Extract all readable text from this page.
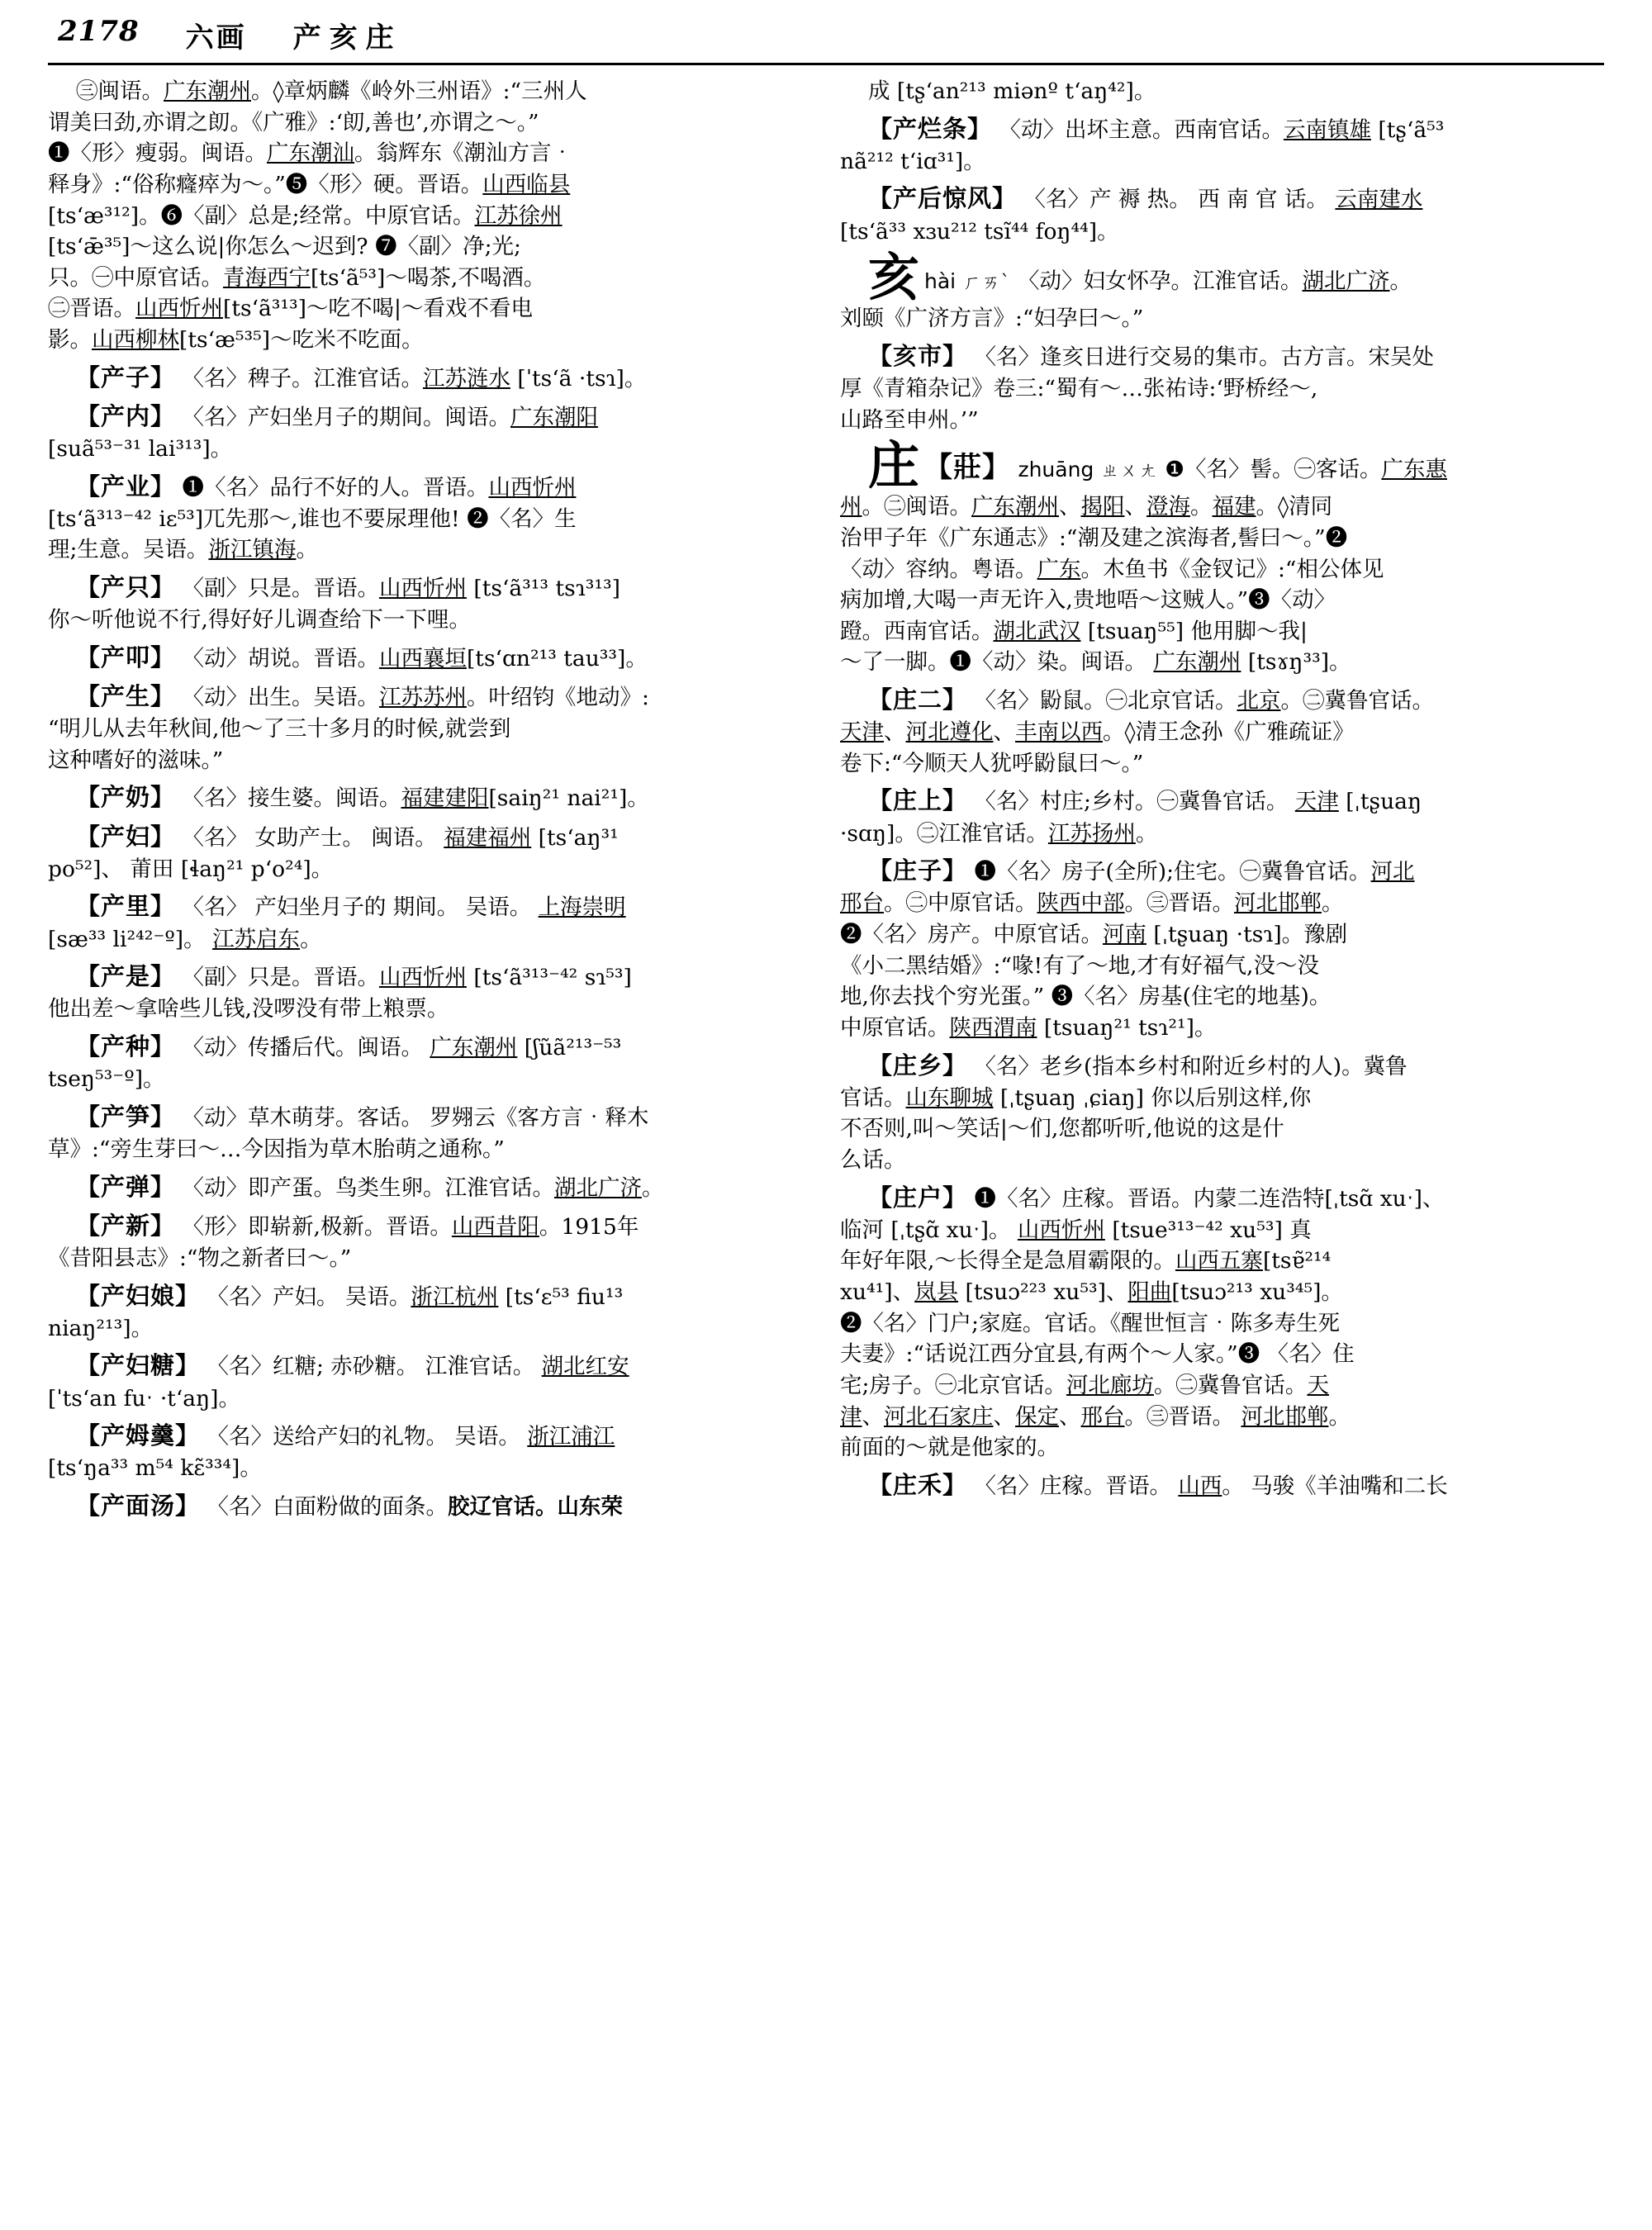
2178 六画 产亥庄

㊂闽语。广东潮州。◊章炳麟《岭外三州语》:“三州人

谓美曰劲,亦谓之㓪。《广雅》:‘㓪,善也’,亦谓之～。”

❶〈形〉瘦弱。闽语。广东潮汕。翁辉东《潮汕方言‧

释身》:“俗称癃瘁为～。”❺〈形〉硬。晋语。山西临县

[tsʻæ³¹²]。❻〈副〉总是;经常。中原官话。江苏徐州

[tsʻǣ³⁵]～这么说|你怎么～迟到? ❼〈副〉净;光;

只。㊀中原官话。青海西宁[tsʻã⁵³]～喝茶,不喝酒。

㊁晋语。山西忻州[tsʻã³¹³]～吃不喝|～看戏不看电

影。山西柳林[tsʻæ⁵³⁵]～吃米不吃面。

【产子】 〈名〉稗子。江淮官话。江苏涟水 [ˈtsʻã ·tsɿ]。

【产内】 〈名〉产妇坐月子的期间。闽语。广东潮阳

[suã⁵³⁻³¹ lai³¹³]。

【产业】 ❶〈名〉品行不好的人。晋语。山西忻州

[tsʻã³¹³⁻⁴² iɛ⁵³]兀先那～,谁也不要尿理他! ❷〈名〉生

理;生意。吴语。浙江镇海。

【产只】 〈副〉只是。晋语。山西忻州 [tsʻã³¹³ tsɿ³¹³]

你～听他说不行,得好好儿调查给下一下哩。

【产叩】 〈动〉胡说。晋语。山西襄垣[tsʻɑn²¹³ tau³³]。

【产生】 〈动〉出生。吴语。江苏苏州。叶绍钧《地动》:

“明儿从去年秋间,他～了三十多月的时候,就尝到

这种嗜好的滋味。”

【产奶】 〈名〉接生婆。闽语。福建建阳[saiŋ²¹ nai²¹]。

【产妇】 〈名〉 女助产士。 闽语。 福建福州 [tsʻaŋ³¹

po⁵²]、 莆田 [ɬaŋ²¹ pʻo²⁴]。

【产里】 〈名〉 产妇坐月子的 期间。 吴语。 上海崇明

[sæ³³ li²⁴²⁻º]。 江苏启东。

【产是】 〈副〉只是。晋语。山西忻州 [tsʻã³¹³⁻⁴² sɿ⁵³]

他出差～拿啥些儿钱,没啰没有带上粮票。

【产种】 〈动〉传播后代。闽语。 广东潮州 [ʃũã²¹³⁻⁵³

tseŋ⁵³⁻º]。

【产笋】 〈动〉草木萌芽。客话。 罗翙云《客方言‧释木

草》:“旁生芽曰～…今因指为草木胎萌之通称。”

【产弹】 〈动〉即产蛋。鸟类生卵。江淮官话。湖北广济。

【产新】 〈形〉即崭新,极新。晋语。山西昔阳。1915年

《昔阳县志》:“物之新者曰～。”

【产妇娘】 〈名〉产妇。 吴语。浙江杭州 [tsʻɛ⁵³ fiu¹³

niaŋ²¹³]。

【产妇糖】 〈名〉红糖; 赤砂糖。 江淮官话。 湖北红安

[ˈtsʻan fuˑ ·tʻaŋ]。

【产姆羹】 〈名〉送给产妇的礼物。 吴语。 浙江浦江

[tsʻŋa³³ m⁵⁴ kɛ̃³³⁴]。

【产面汤】 〈名〉白面粉做的面条。胶辽官话。山东荣

成 [tʂʻan²¹³ miənº tʻaŋ⁴²]。

【产烂条】 〈动〉出坏主意。西南官话。云南镇雄 [tʂʻã⁵³

nã²¹² tʻiɑ³¹]。

【产后惊风】 〈名〉产 褥 热。 西 南 官 话。 云南建水

[tsʻã³³ xɜu²¹² tsĩ⁴⁴ foŋ⁴⁴]。

亥hài ㄏㄞˋ 〈动〉妇女怀孕。江淮官话。湖北广济。

刘颐《广济方言》:“妇孕曰～。”

【亥市】 〈名〉逢亥日进行交易的集市。古方言。宋吴处

厚《青箱杂记》卷三:“蜀有～…张祐诗:‘野桥经～,

山路至申州。’”

庄 【莊】 zhuāng ㄓㄨㄤ ❶〈名〉髻。㊀客话。广东惠

州。㊁闽语。广东潮州、揭阳、澄海。福建。◊清同

治甲子年《广东通志》:“潮及建之滨海者,髻曰～。”❷

〈动〉容纳。粤语。广东。木鱼书《金钗记》:“相公体见

病加增,大喝一声无许入,贵地唔～这贼人。”❸〈动〉

蹬。西南官话。湖北武汉 [tsuaŋ⁵⁵] 他用脚～我|

～了一脚。❶〈动〉染。闽语。 广东潮州 [tsɤŋ³³]。

【庄二】 〈名〉鼢鼠。㊀北京官话。北京。㊁冀鲁官话。

天津、河北遵化、丰南以西。◊清王念孙《广雅疏证》

卷下:“今顺天人犹呼鼢鼠曰～。”

【庄上】 〈名〉村庄;乡村。㊀冀鲁官话。 天津 [ˌtʂuaŋ

·sɑŋ]。㊁江淮官话。江苏扬州。

【庄子】 ❶〈名〉房子(全所);住宅。㊀冀鲁官话。河北

邢台。㊁中原官话。陕西中部。㊂晋语。河北邯郸。

❷〈名〉房产。中原官话。河南 [ˌtʂuaŋ ·tsɿ]。豫剧

《小二黑结婚》:“喙!有了～地,才有好福气,没～没

地,你去找个穷光蛋。” ❸〈名〉房基(住宅的地基)。

中原官话。陕西渭南 [tsuaŋ²¹ tsɿ²¹]。

【庄乡】 〈名〉老乡(指本乡村和附近乡村的人)。冀鲁

官话。山东聊城 [ˌtʂuaŋ ˌɕiaŋ] 你以后别这样,你

不否则,叫～笑话|～们,您都听听,他说的这是什

么话。

【庄户】 ❶〈名〉庄稼。晋语。内蒙二连浩特[ˌtsɑ̃ xuˑ]、

临河 [ˌtʂɑ̃ xuˑ]。 山西忻州 [tsue³¹³⁻⁴² xu⁵³] 真

年好年限,～长得全是急眉霸限的。山西五寨[tsɐ̃²¹⁴

xu⁴¹]、岚县 [tsuɔ²²³ xu⁵³]、阳曲[tsuɔ²¹³ xu³⁴⁵]。

❷〈名〉门户;家庭。官话。《醒世恒言‧陈多寿生死

夫妻》:“话说江西分宜县,有两个～人家。”❸ 〈名〉住

宅;房子。㊀北京官话。河北廊坊。㊁冀鲁官话。天

津、河北石家庄、保定、邢台。㊂晋语。 河北邯郸。

前面的～就是他家的。

【庄禾】 〈名〉庄稼。晋语。 山西。 马骏《羊油嘴和二长
